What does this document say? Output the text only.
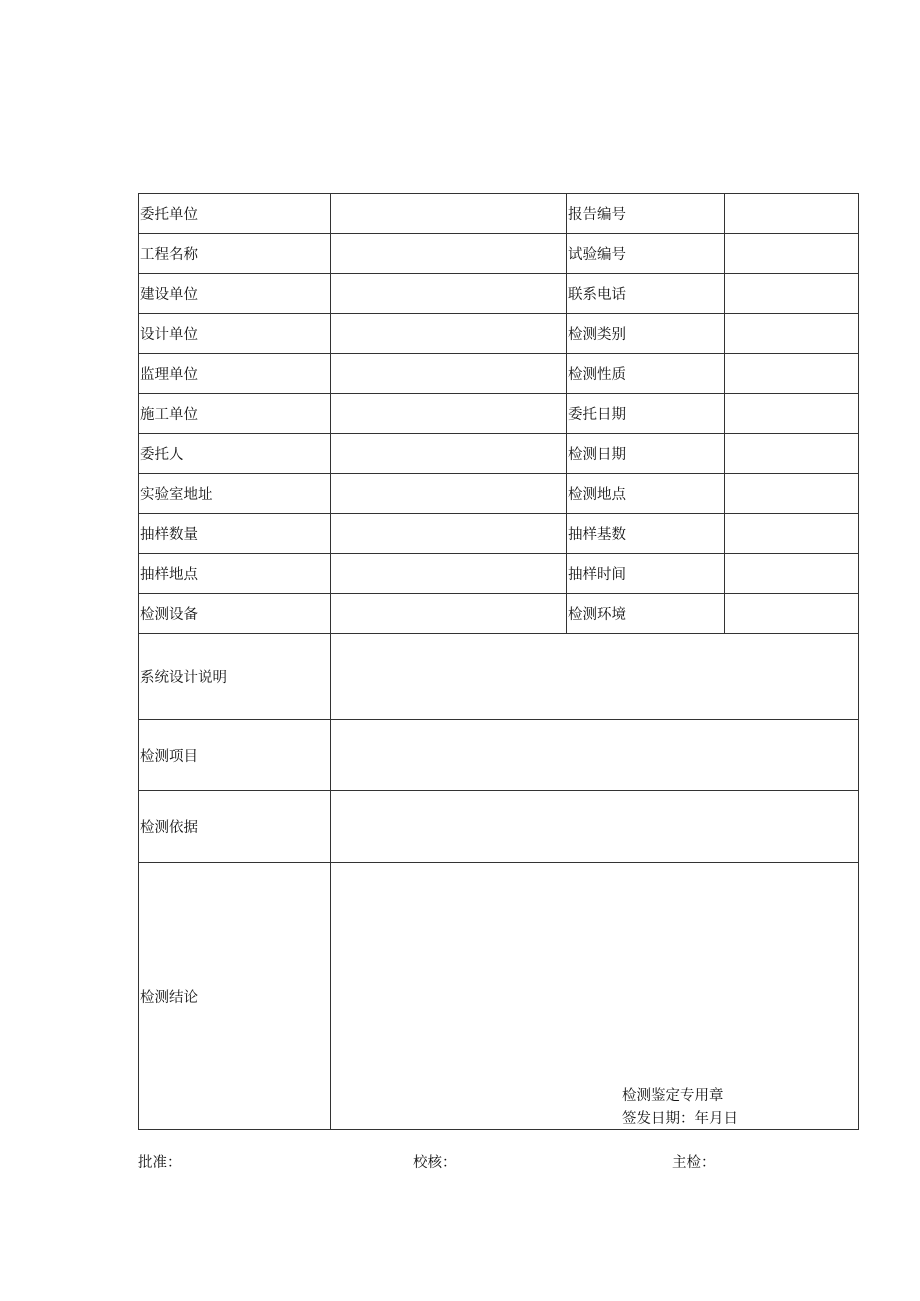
委托单位		报告编号	
工程名称		试验编号	
建设单位		联系电话	
设计单位		检测类别	
监理单位		检测性质	
施工单位		委托日期	
委托人		检测日期	
实验室地址		检测地点	
抽样数量		抽样基数	
抽样地点		抽样时间	
检测设备		检测环境	
系统设计说明			
检测项目			
检测依据			
检测结论	检测鉴定专用章
签发日期：年月日		
批准：	校核：	主检：
